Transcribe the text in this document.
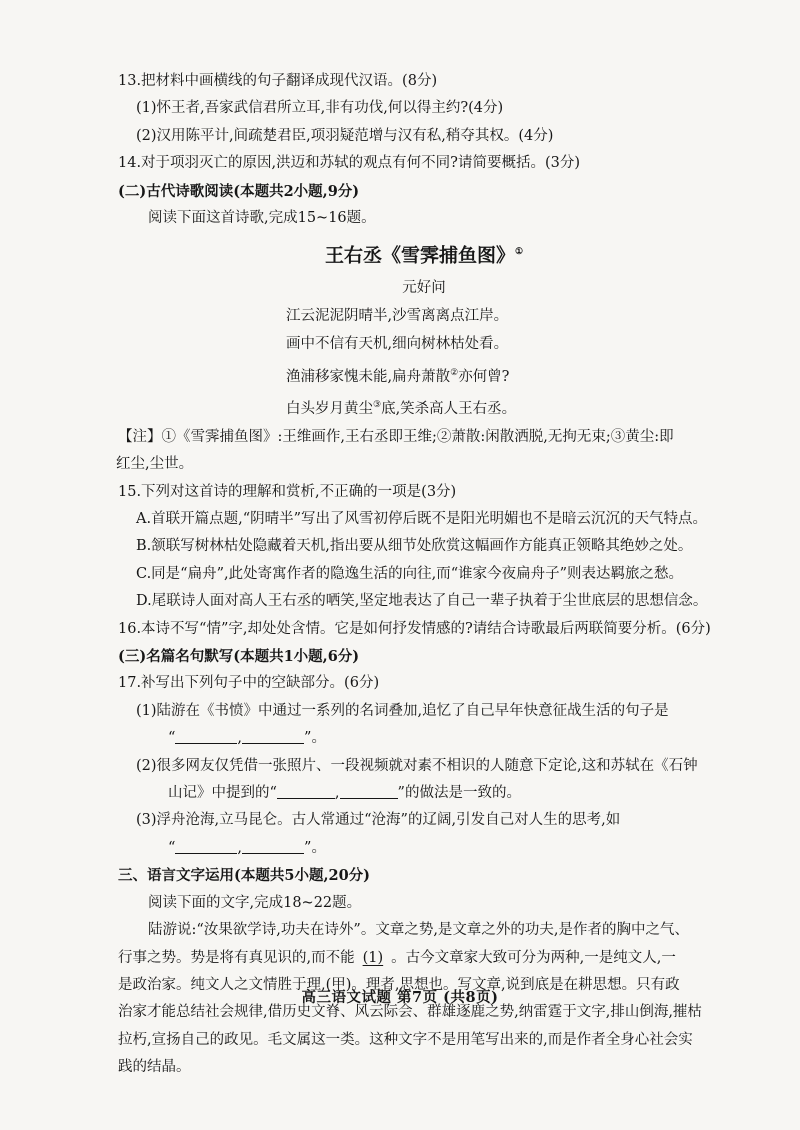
13.把材料中画横线的句子翻译成现代汉语。(8分)
(1)怀王者,吾家武信君所立耳,非有功伐,何以得主约?(4分)
(2)汉用陈平计,间疏楚君臣,项羽疑范增与汉有私,稍夺其权。(4分)
14.对于项羽灭亡的原因,洪迈和苏轼的观点有何不同?请简要概括。(3分)
(二)古代诗歌阅读(本题共2小题,9分)
阅读下面这首诗歌,完成15~16题。
王右丞《雪霁捕鱼图》①
元好问
江云泥泥阴晴半,沙雪离离点江岸。
画中不信有天机,细向树林枯处看。
渔浦移家愧未能,扁舟萧散②亦何曾?
白头岁月黄尘③底,笑杀高人王右丞。
【注】①《雪霁捕鱼图》:王维画作,王右丞即王维;②萧散:闲散洒脱,无拘无束;③黄尘:即
红尘,尘世。
15.下列对这首诗的理解和赏析,不正确的一项是(3分)
A.首联开篇点题,“阴晴半”写出了风雪初停后既不是阳光明媚也不是暗云沉沉的天气特点。
B.颔联写树林枯处隐藏着天机,指出要从细节处欣赏这幅画作方能真正领略其绝妙之处。
C.同是“扁舟”,此处寄寓作者的隐逸生活的向往,而“谁家今夜扁舟子”则表达羁旅之愁。
D.尾联诗人面对高人王右丞的哂笑,坚定地表达了自己一辈子执着于尘世底层的思想信念。
16.本诗不写“情”字,却处处含情。它是如何抒发情感的?请结合诗歌最后两联简要分析。(6分)
(三)名篇名句默写(本题共1小题,6分)
17.补写出下列句子中的空缺部分。(6分)
(1)陆游在《书愤》中通过一系列的名词叠加,追忆了自己早年快意征战生活的句子是
“	,	”。
(2)很多网友仅凭借一张照片、一段视频就对素不相识的人随意下定论,这和苏轼在《石钟
山记》中提到的“	,	”的做法是一致的。
(3)浮舟沧海,立马昆仑。古人常通过“沧海”的辽阔,引发自己对人生的思考,如
“	,	”。
三、语言文字运用(本题共5小题,20分)
阅读下面的文字,完成18~22题。
陆游说:“汝果欲学诗,功夫在诗外”。文章之势,是文章之外的功夫,是作者的胸中之气、
行事之势。势是将有真见识的,而不能 (1) 。古今文章家大致可分为两种,一是纯文人,一
是政治家。纯文人之文情胜于理,(甲)。理者,思想也。写文章,说到底是在耕思想。只有政
治家才能总结社会规律,借历史文脊、风云际会、群雄逐鹿之势,纳雷霆于文字,排山倒海,摧枯
拉朽,宣扬自己的政见。毛文属这一类。这种文字不是用笔写出来的,而是作者全身心社会实
践的结晶。
高三语文试题 第7页 (共8页)
